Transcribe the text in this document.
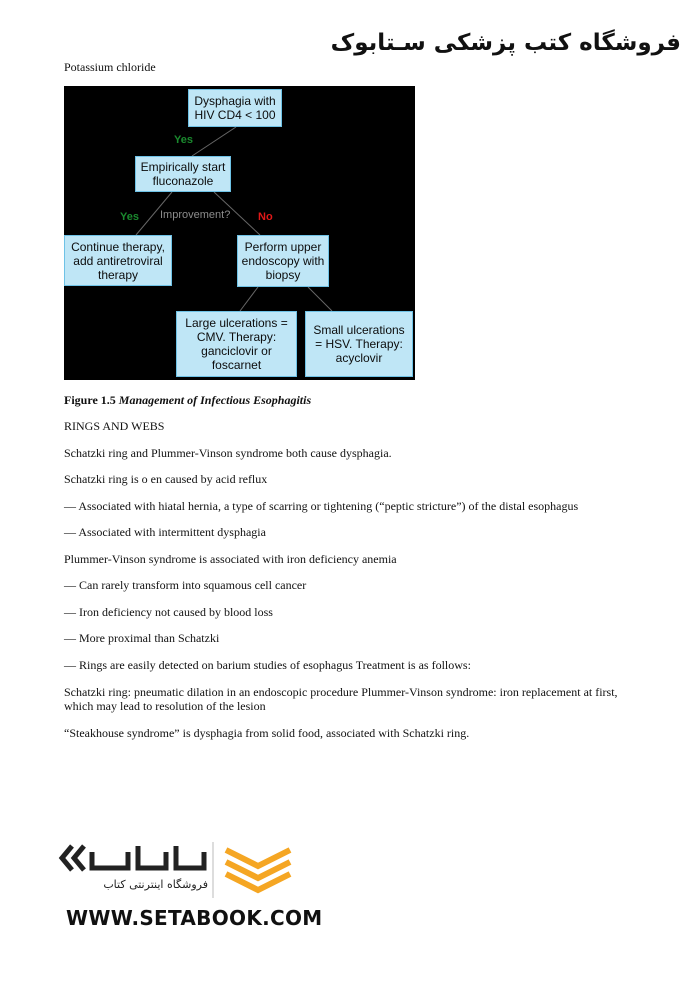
فروشگاه کتب پزشکی سـتابوک
Potassium chloride
Dysphagia with HIV CD4 < 100
Yes
Empirically start fluconazole
Yes Improvement?	No
Continue therapy, add antiretroviral therapy
Perform upper endoscopy with biopsy
Large ulcerations = CMV. Therapy: ganciclovir or foscarnet
Small ulcerations = HSV. Therapy: acyclovir
Figure 1.5 Management of Infectious Esophagitis
RINGS AND WEBS
Schatzki ring and Plummer-Vinson syndrome both cause dysphagia.
Schatzki ring is o en caused by acid reflux
— Associated with hiatal hernia, a type of scarring or tightening (“peptic stricture”) of the distal esophagus
— Associated with intermittent dysphagia
Plummer-Vinson syndrome is associated with iron deficiency anemia
— Can rarely transform into squamous cell cancer
— Iron deficiency not caused by blood loss
— More proximal than Schatzki
— Rings are easily detected on barium studies of esophagus Treatment is as follows:
Schatzki ring: pneumatic dilation in an endoscopic procedure Plummer-Vinson syndrome: iron replacement at first, which may lead to resolution of the lesion
“Steakhouse syndrome” is dysphagia from solid food, associated with Schatzki ring.
فروشگاه اینترنتی کتاب
WWW.SETABOOK.COM
